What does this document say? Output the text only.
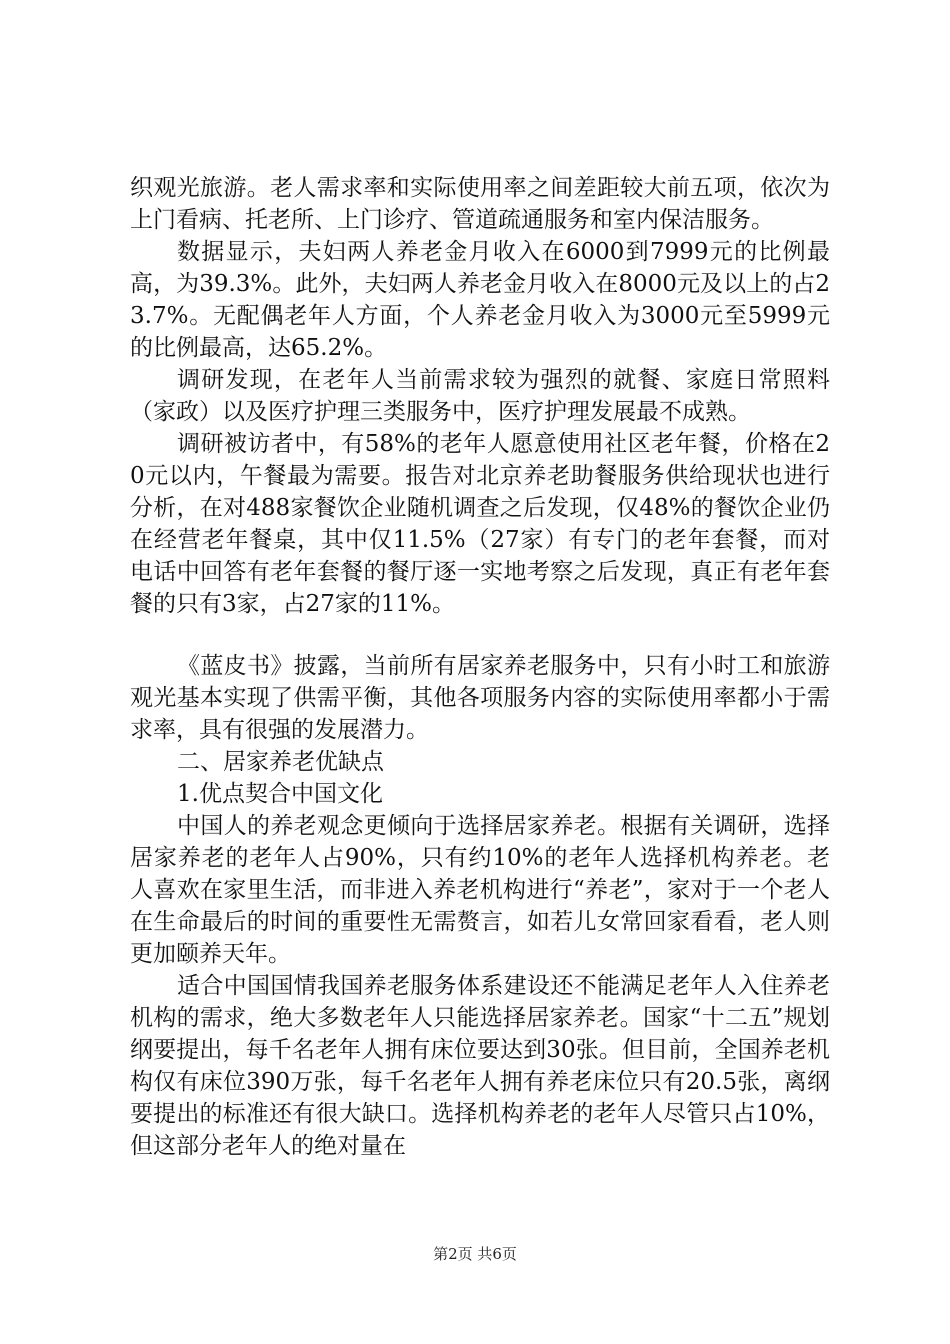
织观光旅游。老人需求率和实际使用率之间差距较大前五项，依次为上门看病、托老所、上门诊疗、管道疏通服务和室内保洁服务。

数据显示，夫妇两人养老金月收入在6000到7999元的比例最高，为39.3%。此外，夫妇两人养老金月收入在8000元及以上的占23.7%。无配偶老年人方面，个人养老金月收入为3000元至5999元的比例最高，达65.2%。

调研发现，在老年人当前需求较为强烈的就餐、家庭日常照料（家政）以及医疗护理三类服务中，医疗护理发展最不成熟。

调研被访者中，有58%的老年人愿意使用社区老年餐，价格在20元以内，午餐最为需要。报告对北京养老助餐服务供给现状也进行分析，在对488家餐饮企业随机调查之后发现，仅48%的餐饮企业仍在经营老年餐桌，其中仅11.5%（27家）有专门的老年套餐，而对电话中回答有老年套餐的餐厅逐一实地考察之后发现，真正有老年套餐的只有3家，占27家的11%。

《蓝皮书》披露，当前所有居家养老服务中，只有小时工和旅游观光基本实现了供需平衡，其他各项服务内容的实际使用率都小于需求率，具有很强的发展潜力。

二、居家养老优缺点

1.优点契合中国文化

中国人的养老观念更倾向于选择居家养老。根据有关调研，选择居家养老的老年人占90%，只有约10%的老年人选择机构养老。老人喜欢在家里生活，而非进入养老机构进行“养老”，家对于一个老人在生命最后的时间的重要性无需赘言，如若儿女常回家看看，老人则更加颐养天年。

适合中国国情我国养老服务体系建设还不能满足老年人入住养老机构的需求，绝大多数老年人只能选择居家养老。国家“十二五”规划纲要提出，每千名老年人拥有床位要达到30张。但目前，全国养老机构仅有床位390万张，每千名老年人拥有养老床位只有20.5张，离纲要提出的标准还有很大缺口。选择机构养老的老年人尽管只占10%，但这部分老年人的绝对量在

第2页 共6页
